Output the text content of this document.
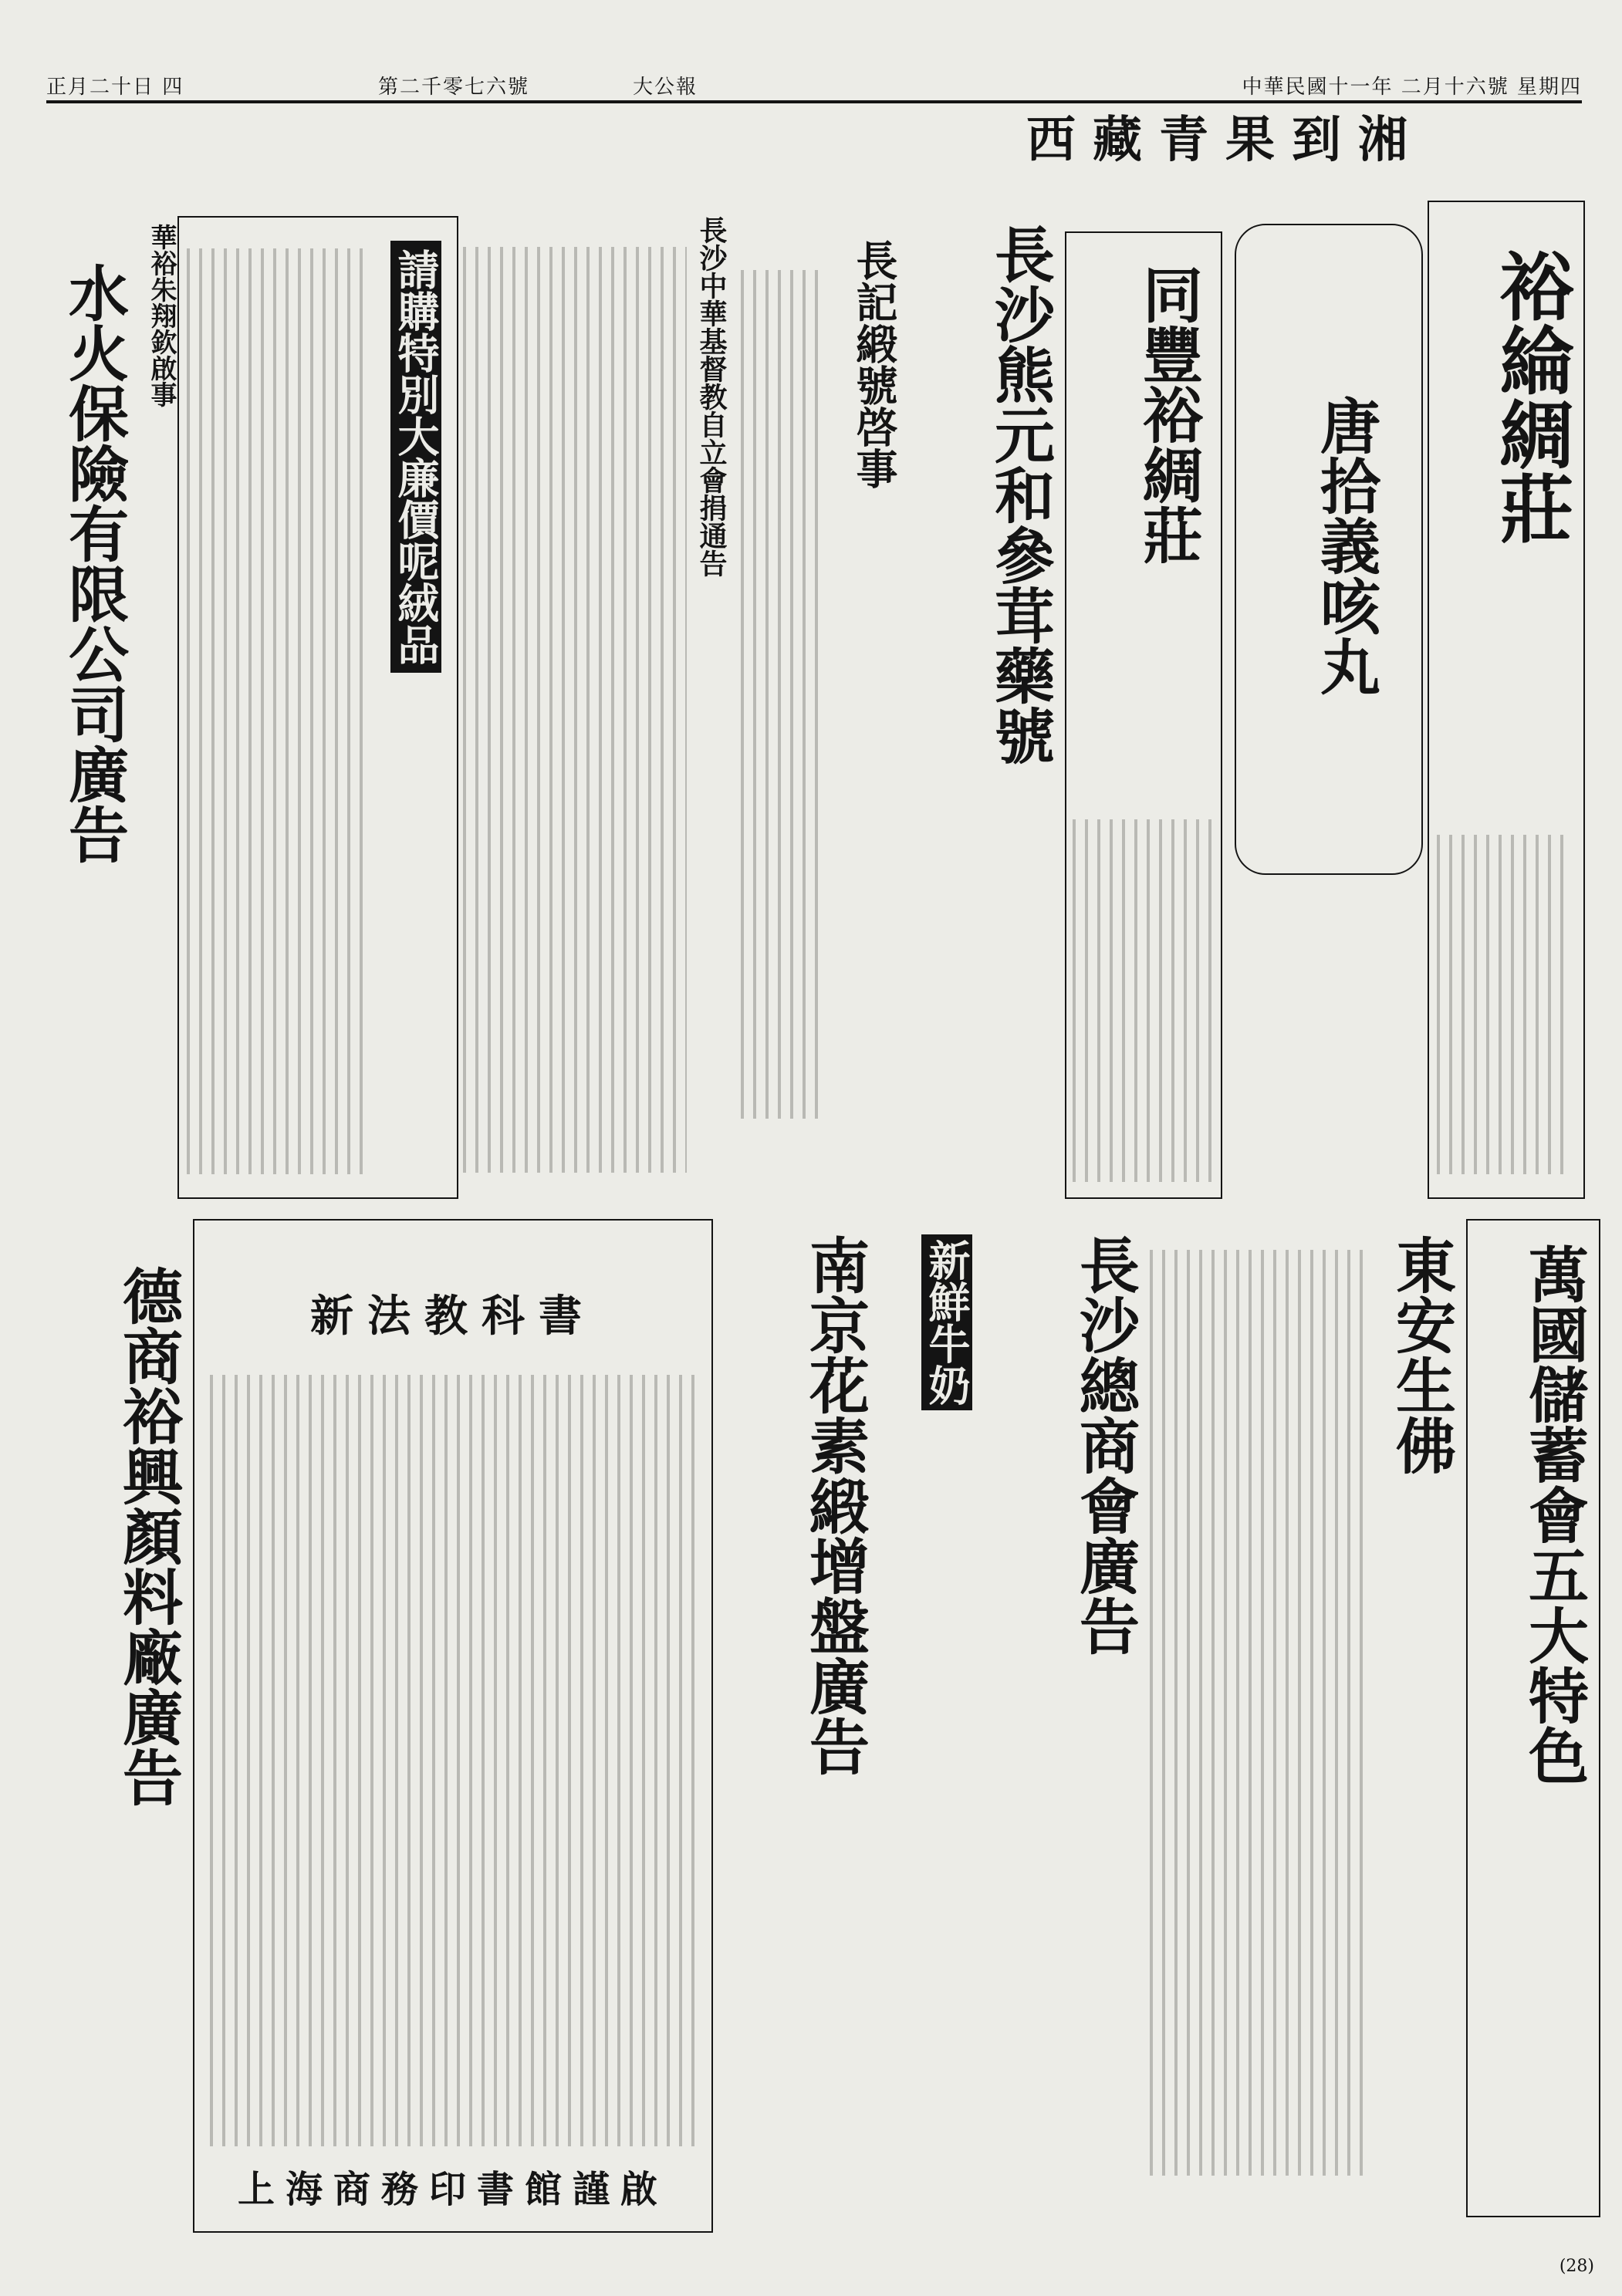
中華民國十一年 二月十六號 星期四
大公報
第二千零七六號
正月二十日 四
西藏青果到湘
裕綸綢莊
唐拾義咳丸
同豐裕綢莊
長沙熊元和參茸藥號
長記緞號啓事
長沙中華基督教自立會捐通告
請購特別大廉價呢絨品
華裕朱翔欽啟事
水火保險有限公司廣告
萬國儲蓄會五大特色
東安生佛
長沙總商會廣告
新鮮牛奶
南京花素緞增盤廣告
新法教科書
上海商務印書館謹啟
德商裕興顏料廠廣告
(28)
